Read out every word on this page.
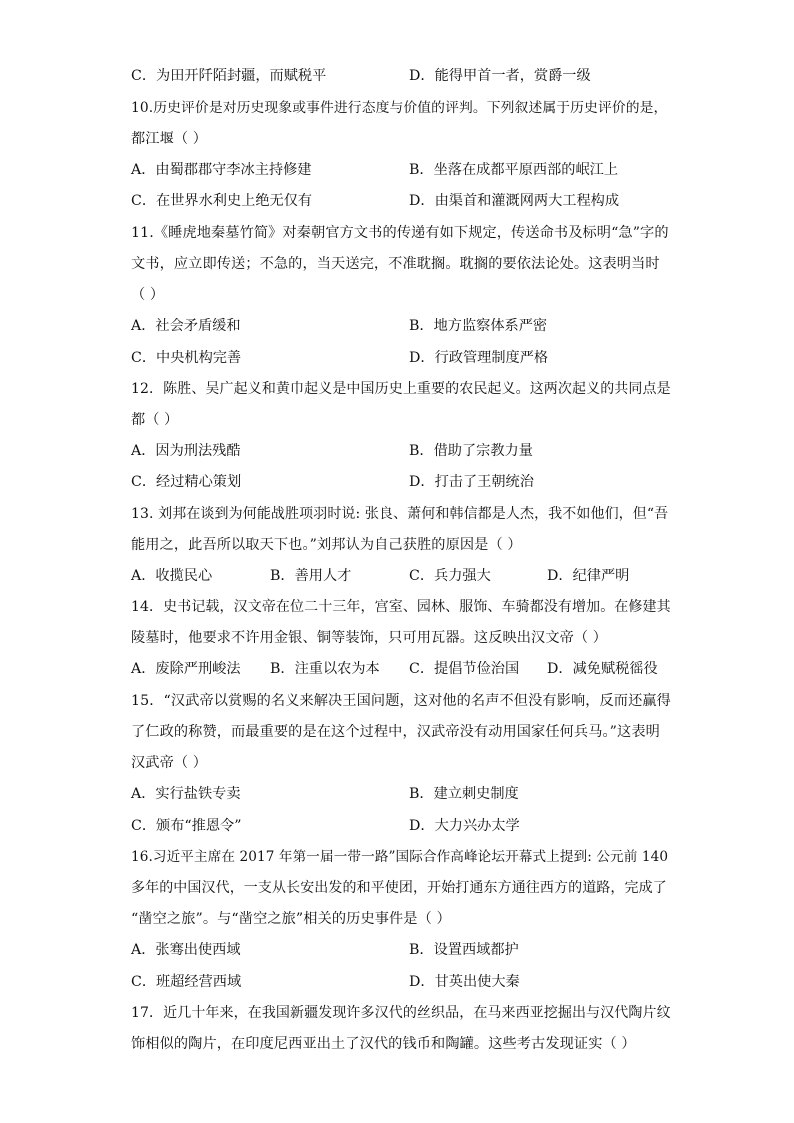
C．为田开阡陌封疆，而赋税平	D．能得甲首一者，赏爵一级
10.历史评价是对历史现象或事件进行态度与价值的评判。下列叙述属于历史评价的是，
都江堰（ ）
A．由蜀郡郡守李冰主持修建	B．坐落在成都平原西部的岷江上
C．在世界水利史上绝无仅有	D．由渠首和灌溉网两大工程构成
11.《睡虎地秦墓竹简》对秦朝官方文书的传递有如下规定，传送命书及标明“急”字的
文书，应立即传送；不急的，当天送完，不准耽搁。耽搁的要依法论处。这表明当时
（ ）
A．社会矛盾缓和	B．地方监察体系严密
C．中央机构完善	D．行政管理制度严格
12．陈胜、吴广起义和黄巾起义是中国历史上重要的农民起义。这两次起义的共同点是
都（ ）
A．因为刑法残酷	B．借助了宗教力量
C．经过精心策划	D．打击了王朝统治
13. 刘邦在谈到为何能战胜项羽时说: 张良、萧何和韩信都是人杰，我不如他们，但“吾
能用之，此吾所以取天下也。”刘邦认为自己获胜的原因是（ ）
A．收揽民心	B．善用人才	C．兵力强大	D．纪律严明
14．史书记载，汉文帝在位二十三年，宫室、园林、服饰、车骑都没有增加。在修建其
陵墓时，他要求不许用金银、铜等装饰，只可用瓦器。这反映出汉文帝（ ）
A．废除严刑峻法 B．注重以农为本 C．提倡节俭治国 D．减免赋税徭役
15．“汉武帝以赏赐的名义来解决王国问题，这对他的名声不但没有影响，反而还赢得
了仁政的称赞，而最重要的是在这个过程中，汉武帝没有动用国家任何兵马。”这表明
汉武帝（ ）
A．实行盐铁专卖	B．建立刺史制度
C．颁布“推恩令”	D．大力兴办太学
16.习近平主席在 2017 年第一届一带一路”国际合作高峰论坛开幕式上提到: 公元前 140
多年的中国汉代，一支从长安出发的和平使团，开始打通东方通往西方的道路，完成了
“凿空之旅”。与“凿空之旅”相关的历史事件是（ ）
A．张骞出使西域	B．设置西域都护
C．班超经营西域	D．甘英出使大秦
17．近几十年来，在我国新疆发现许多汉代的丝织品，在马来西亚挖掘出与汉代陶片纹
饰相似的陶片，在印度尼西亚出土了汉代的钱币和陶罐。这些考古发现证实（ ）
